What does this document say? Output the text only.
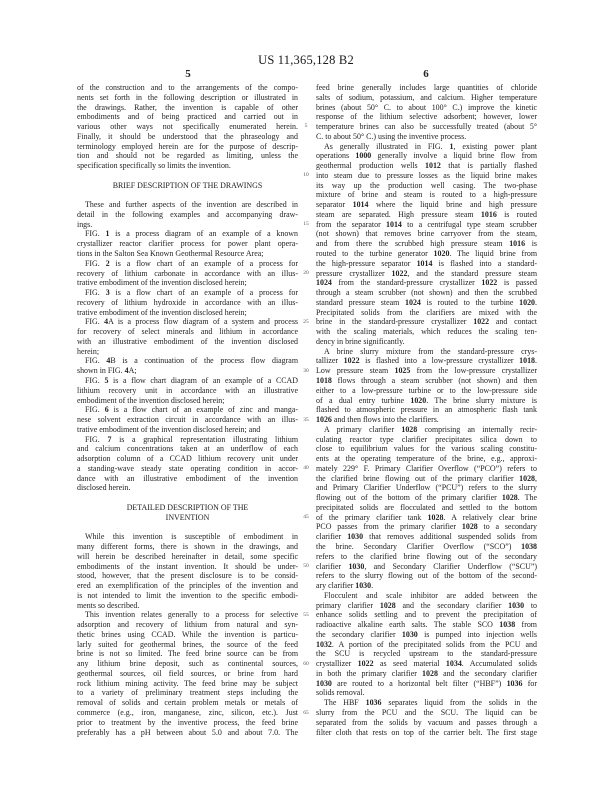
US 11,365,128 B2
5	6
of the construction and to the arrangements of the compo-
nents set forth in the following description or illustrated in
the drawings. Rather, the invention is capable of other
embodiments and of being practiced and carried out in
various other ways not specifically enumerated herein.
Finally, it should be understood that the phraseology and
terminology employed herein are for the purpose of descrip-
tion and should not be regarded as limiting, unless the
specification specifically so limits the invention.

BRIEF DESCRIPTION OF THE DRAWINGS

These and further aspects of the invention are described in
detail in the following examples and accompanying draw-
ings.
FIG. 1 is a process diagram of an example of a known
crystallizer reactor clarifier process for power plant opera-
tions in the Salton Sea Known Geothermal Resource Area;
FIG. 2 is a flow chart of an example of a process for
recovery of lithium carbonate in accordance with an illus-
trative embodiment of the invention disclosed herein;
FIG. 3 is a flow chart of an example of a process for
recovery of lithium hydroxide in accordance with an illus-
trative embodiment of the invention disclosed herein;
FIG. 4A is a process flow diagram of a system and process
for recovery of select minerals and lithium in accordance
with an illustrative embodiment of the invention disclosed
herein;
FIG. 4B is a continuation of the process flow diagram
shown in FIG. 4A;
FIG. 5 is a flow chart diagram of an example of a CCAD
lithium recovery unit in accordance with an illustrative
embodiment of the invention disclosed herein;
FIG. 6 is a flow chart of an example of zinc and manga-
nese solvent extraction circuit in accordance with an illus-
trative embodiment of the invention disclosed herein; and
FIG. 7 is a graphical representation illustrating lithium
and calcium concentrations taken at an underflow of each
adsorption column of a CCAD lithium recovery unit under
a standing-wave steady state operating condition in accor-
dance with an illustrative embodiment of the invention
disclosed herein.

DETAILED DESCRIPTION OF THE
INVENTION

While this invention is susceptible of embodiment in
many different forms, there is shown in the drawings, and
will herein be described hereinafter in detail, some specific
embodiments of the instant invention. It should be under-
stood, however, that the present disclosure is to be consid-
ered an exemplification of the principles of the invention and
is not intended to limit the invention to the specific embodi-
ments so described.
This invention relates generally to a process for selective
adsorption and recovery of lithium from natural and syn-
thetic brines using CCAD. While the invention is particu-
larly suited for geothermal brines, the source of the feed
brine is not so limited. The feed brine source can be from
any lithium brine deposit, such as continental sources,
geothermal sources, oil field sources, or brine from hard
rock lithium mining activity. The feed brine may be subject
to a variety of preliminary treatment steps including the
removal of solids and certain problem metals or metals of
commerce (e.g., iron, manganese, zinc, silicon, etc.). Just
prior to treatment by the inventive process, the feed brine
preferably has a pH between about 5.0 and about 7.0. The
feed brine generally includes large quantities of chloride
salts of sodium, potassium, and calcium. Higher temperature
brines (about 50° C. to about 100° C.) improve the kinetic
response of the lithium selective adsorbent; however, lower
temperature brines can also be successfully treated (about 5°
C. to about 50° C.) using the inventive process.
As generally illustrated in FIG. 1, existing power plant
operations 1000 generally involve a liquid brine flow from
geothermal production wells 1012 that is partially flashed
into steam due to pressure losses as the liquid brine makes
its way up the production well casing. The two-phase
mixture of brine and steam is routed to a high-pressure
separator 1014 where the liquid brine and high pressure
steam are separated. High pressure steam 1016 is routed
from the separator 1014 to a centrifugal type steam scrubber
(not shown) that removes brine carryover from the steam,
and from there the scrubbed high pressure steam 1016 is
routed to the turbine generator 1020. The liquid brine from
the high-pressure separator 1014 is flashed into a standard-
pressure crystallizer 1022, and the standard pressure steam
1024 from the standard-pressure crystallizer 1022 is passed
through a steam scrubber (not shown) and then the scrubbed
standard pressure steam 1024 is routed to the turbine 1020.
Precipitated solids from the clarifiers are mixed with the
brine in the standard-pressure crystallizer 1022 and contact
with the scaling materials, which reduces the scaling ten-
dency in brine significantly.
A brine slurry mixture from the standard-pressure crys-
tallizer 1022 is flashed into a low-pressure crystallizer 1018.
Low pressure steam 1025 from the low-pressure crystallizer
1018 flows through a steam scrubber (not shown) and then
either to a low-pressure turbine or to the low-pressure side
of a dual entry turbine 1020. The brine slurry mixture is
flashed to atmospheric pressure in an atmospheric flash tank
1026 and then flows into the clarifiers.
A primary clarifier 1028 comprising an internally recir-
culating reactor type clarifier precipitates silica down to
close to equilibrium values for the various scaling constitu-
ents at the operating temperature of the brine, e.g., approxi-
mately 229° F. Primary Clarifier Overflow (“PCO”) refers to
the clarified brine flowing out of the primary clarifier 1028,
and Primary Clarifier Underflow (“PCU”) refers to the slurry
flowing out of the bottom of the primary clarifier 1028. The
precipitated solids are flocculated and settled to the bottom
of the primary clarifier tank 1028. A relatively clear brine
PCO passes from the primary clarifier 1028 to a secondary
clarifier 1030 that removes additional suspended solids from
the brine. Secondary Clarifier Overflow (“SCO”) 1038
refers to the clarified brine flowing out of the secondary
clarifier 1030, and Secondary Clarifier Underflow (“SCU”)
refers to the slurry flowing out of the bottom of the second-
ary clarifier 1030.
Flocculent and scale inhibitor are added between the
primary clarifier 1028 and the secondary clarifier 1030 to
enhance solids settling and to prevent the precipitation of
radioactive alkaline earth salts. The stable SCO 1038 from
the secondary clarifier 1030 is pumped into injection wells
1032. A portion of the precipitated solids from the PCU and
the SCU is recycled upstream to the standard-pressure
crystallizer 1022 as seed material 1034. Accumulated solids
in both the primary clarifier 1028 and the secondary clarifier
1030 are routed to a horizontal belt filter (“HBF”) 1036 for
solids removal.
The HBF 1036 separates liquid from the solids in the
slurry from the PCU and the SCU. The liquid can be
separated from the solids by vacuum and passes through a
filter cloth that rests on top of the carrier belt. The first stage
5
10
15
20
25
30
35
40
45
50
55
60
65
